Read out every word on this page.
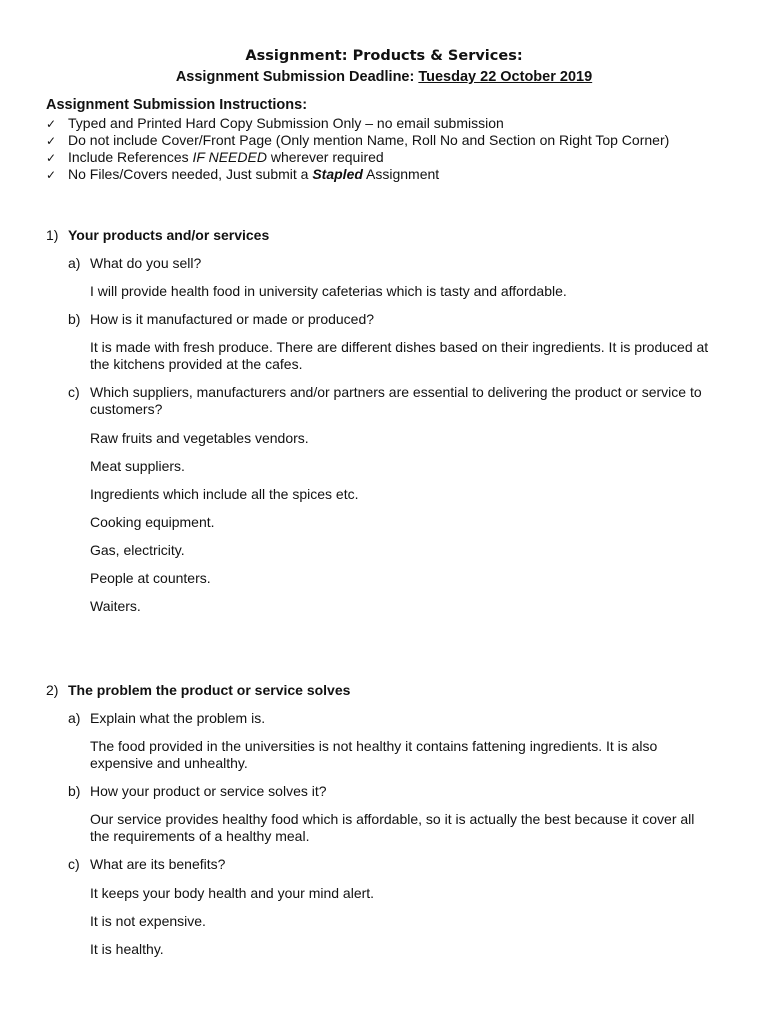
Assignment: Products & Services:
Assignment Submission Deadline: Tuesday 22 October 2019
Assignment Submission Instructions:
✓ Typed and Printed Hard Copy Submission Only – no email submission
✓ Do not include Cover/Front Page (Only mention Name, Roll No and Section on Right Top Corner)
✓ Include References IF NEEDED wherever required
✓ No Files/Covers needed, Just submit a Stapled Assignment
1) Your products and/or services
a) What do you sell?
I will provide health food in university cafeterias which is tasty and affordable.
b) How is it manufactured or made or produced?
It is made with fresh produce. There are different dishes based on their ingredients. It is produced at the kitchens provided at the cafes.
c) Which suppliers, manufacturers and/or partners are essential to delivering the product or service to customers?
Raw fruits and vegetables vendors.
Meat suppliers.
Ingredients which include all the spices etc.
Cooking equipment.
Gas, electricity.
People at counters.
Waiters.
2) The problem the product or service solves
a) Explain what the problem is.
The food provided in the universities is not healthy it contains fattening ingredients. It is also expensive and unhealthy.
b) How your product or service solves it?
Our service provides healthy food which is affordable, so it is actually the best because it cover all the requirements of a healthy meal.
c) What are its benefits?
It keeps your body health and your mind alert.
It is not expensive.
It is healthy.
